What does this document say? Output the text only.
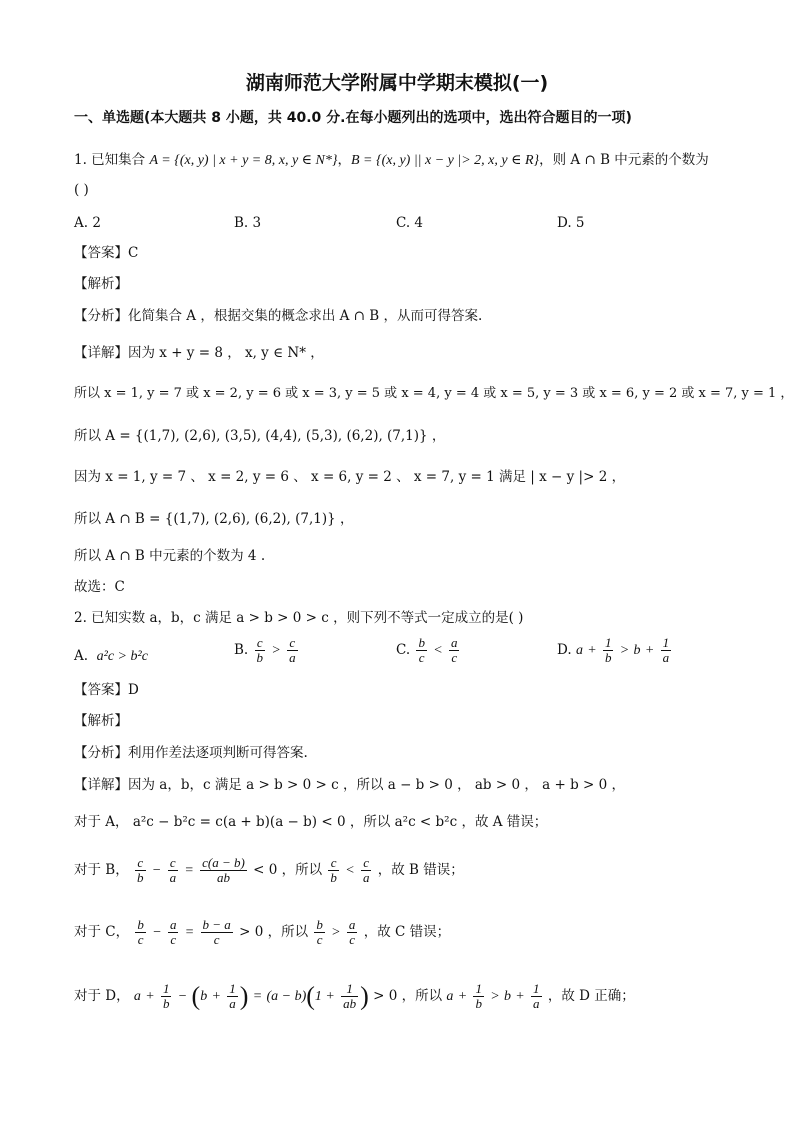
湖南师范大学附属中学期末模拟(一)
一、单选题(本大题共 8 小题，共 40.0 分.在每小题列出的选项中，选出符合题目的一项)
1. 已知集合 A = {(x, y) | x + y = 8, x, y ∈ N*}，B = {(x, y) || x − y |> 2, x, y ∈ R}，则 A ∩ B 中元素的个数为
( )
A. 2	B. 3	C. 4	D. 5
【答案】C
【解析】
【分析】化简集合 A ，根据交集的概念求出 A ∩ B ，从而可得答案.
【详解】因为 x + y = 8 ， x, y ∈ N* ，
所以 x = 1, y = 7 或 x = 2, y = 6 或 x = 3, y = 5 或 x = 4, y = 4 或 x = 5, y = 3 或 x = 6, y = 2 或 x = 7, y = 1 ，
所以 A = {(1,7), (2,6), (3,5), (4,4), (5,3), (6,2), (7,1)} ，
因为 x = 1, y = 7 、 x = 2, y = 6 、 x = 6, y = 2 、 x = 7, y = 1 满足 | x − y |> 2 ，
所以 A ∩ B = {(1,7), (2,6), (6,2), (7,1)} ，
所以 A ∩ B 中元素的个数为 4 .
故选：C
2. 已知实数 a，b，c 满足 a > b > 0 > c ，则下列不等式一定成立的是( )
A. a²c > b²c	B. $\frac{c}{b} > \frac{c}{a}$	C. $\frac{b}{c} < \frac{a}{c}$	D. $a + \frac{1}{b} > b + \frac{1}{a}$
【答案】D
【解析】
【分析】利用作差法逐项判断可得答案.
【详解】因为 a，b，c 满足 a > b > 0 > c ，所以 a − b > 0 ， ab > 0 ， a + b > 0 ，
对于 A， a²c − b²c = c(a + b)(a − b) < 0 ，所以 a²c < b²c ，故 A 错误；
对于 B， $\frac{c}{b} - \frac{c}{a} = \frac{c(a - b)}{ab} < 0$ ，所以 $\frac{c}{b} < \frac{c}{a}$ ，故 B 错误；
对于 C， $\frac{b}{c} - \frac{a}{c} = \frac{b - a}{c} > 0$ ，所以 $\frac{b}{c} > \frac{a}{c}$ ，故 C 错误；
对于 D， $a + \frac{1}{b} - (b + \frac{1}{a}$ ) = $(a - b)(1 + \frac{1}{ab}$ ) > 0 ，所以 $a + \frac{1}{b} > b + \frac{1}{a}$ ，故 D 正确；
